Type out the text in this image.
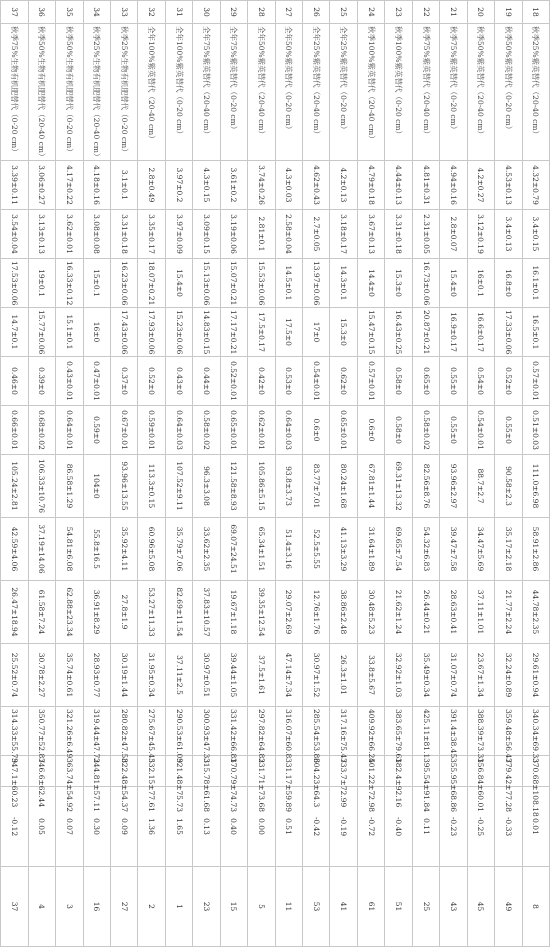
18	秋季25%紫英替代（20-40 cm）	4.32±0.79	3.4±0.15	16.1±0.1	16.5±0.1	0.57±0.01	0.51±0.03	111.0±6.98	58.91±2.86	44.78±2.35	29.61±0.94	340.34±69.33	370.68±108.18	0.01	8
19	秋季50%紫英替代（0-20 cm）	4.53±0.13	3.4±0.13	16.8±0	17.33±0.06	0.52±0	0.55±0	90.58±2.3	35.17±2.18	21.77±2.24	32.24±0.89	359.48±56.47	379.42±77.28	-0.33	49
20	秋季50%紫英替代（20-40 cm）	4.2±0.27	3.12±0.19	16±0.1	16.6±0.17	0.54±0	0.54±0.01	88.7±2.7	34.47±5.69	37.11±1.01	23.67±1.34	388.39±73.31	356.84±60.01	-0.25	45
21	秋季75%紫英替代（0-20 cm）	4.94±0.16	2.8±0.07	15.4±0	16.9±0.17	0.55±0	0.55±0	93.96±2.97	39.47±7.58	28.63±0.41	31.07±0.74	391.4±38.45	355.95±68.86	-0.23	43
22	秋季75%紫英替代（20-40 cm）	4.81±0.31	2.31±0.05	16.73±0.06	20.87±0.21	0.65±0	0.58±0.02	82.56±8.76	54.32±6.83	26.44±0.21	35.49±0.34	425.11±81.1	395.54±91.84	0.11	25
23	秋季100%紫英替代（0-20 cm）	4.44±0.13	3.31±0.18	15.3±0	16.43±0.25	0.58±0	0.58±0	69.31±13.32	69.65±7.54	21.62±1.24	32.92±1.03	383.65±79.61	382.4±92.16	-0.40	51
24	秋季100%紫英替代（20-40 cm）	4.79±0.18	3.67±0.13	14.4±0	15.47±0.15	0.57±0.01	0.6±0	67.81±1.44	31.64±1.89	30.48±5.23	33.8±5.67	409.92±66.25	401.22±72.98	-0.72	61
25	全年25%紫英替代（0-20 cm）	4.2±0.13	3.18±0.17	14.3±0.1	15.3±0	0.62±0	0.65±0.01	80.24±1.68	41.13±3.29	38.86±2.48	26.3±1.01	317.16±75.47	333.7±72.99	-0.19	41
26	全年25%紫英替代（20-40 cm）	4.62±0.43	2.7±0.05	13.97±0.06	17±0	0.54±0.01	0.6±0	83.77±7.01	52.5±5.55	12.76±1.76	30.97±1.52	285.54±53.86	304.23±64.3	-0.42	53
27	全年50%紫英替代（0-20 cm）	4.3±0.03	2.58±0.04	14.5±0.1	17.5±0	0.53±0	0.64±0.03	93.8±3.73	51.4±3.16	29.07±2.69	47.14±7.34	316.07±60.8	331.17±59.89	0.51	11
28	全年50%紫英替代（20-40 cm）	3.74±0.26	2.81±0.1	15.53±0.06	17.5±0.17	0.42±0	0.62±0.01	105.86±5.15	65.34±1.51	39.35±12.54	37.5±1.61	297.82±64.82	331.71±73.68	0.00	5
29	全年75%紫英替代（0-20 cm）	3.61±0.2	3.19±0.06	15.07±0.21	17.17±0.21	0.52±0.01	0.65±0.01	121.58±8.93	69.07±24.51	19.67±1.18	39.44±1.05	331.42±66.81	370.79±74.73	0.40	15
30	全年75%紫英替代（20-40 cm）	4.3±0.15	3.09±0.15	15.13±0.06	14.83±0.15	0.44±0	0.58±0.02	96.3±3.08	33.62±2.35	37.83±10.57	30.97±0.51	300.93±47.33	315.78±61.68	0.13	23
31	全年100%紫英替代（0-20 cm）	3.97±0.2	3.97±0.09	15.4±0	15.23±0.06	0.43±0	0.64±0.03	107.52±9.11	35.79±7.06	82.69±11.54	37.11±2.5	290.53±61.09	321.48±75.73	1.65	1
32	全年100%紫英替代（20-40 cm）	2.8±0.49	3.35±0.17	18.07±0.21	17.93±0.06	0.52±0	0.59±0.01	113.3±0.15	60.96±5.08	53.27±11.33	31.95±0.34	275.67±45.45	332.15±77.61	1.36	2
33	秋季25%生物有机肥替代（0-20 cm）	3.1±0.1	3.31±0.18	16.23±0.06	17.43±0.06	0.37±0	0.67±0.01	93.96±13.55	35.92±4.11	27.8±1.9	30.19±1.44	280.82±47.58	322.48±54.37	0.09	27
34	秋季25%生物有机肥替代（20-40 cm）	4.18±0.16	3.08±0.08	15±0.1	16±0	0.47±0.01	0.59±0	104±0	55.8±16.5	36.91±8.29	28.93±0.77	319.44±47.72	344.81±57.11	0.30	16
35	秋季50%生物有机肥替代（0-20 cm）	4.17±0.22	3.62±0.01	16.33±0.12	15.1±0.1	0.43±0.01	0.64±0.01	86.58±1.29	54.81±6.08	62.88±23.34	35.74±0.61	321.26±6.49	363.74±54.92	0.07	3
36	秋季50%生物有机肥替代（20-40 cm）	3.06±0.27	3.13±0.13	19±0.1	15.77±0.06	0.39±0	0.68±0.02	106.33±10.76	37.19±14.06	61.58±7.24	30.78±2.27	350.77±52.87	346.6±62.44	0.05	4
37	秋季75%生物有机肥替代（0-20 cm）	3.39±0.11	3.54±0.04	17.53±0.06	14.7±0.1	0.46±0	0.66±0.01	105.24±2.81	42.59±4.06	26.47±18.94	25.52±0.74	314.33±55.79	347.1±60.23	-0.12	37
